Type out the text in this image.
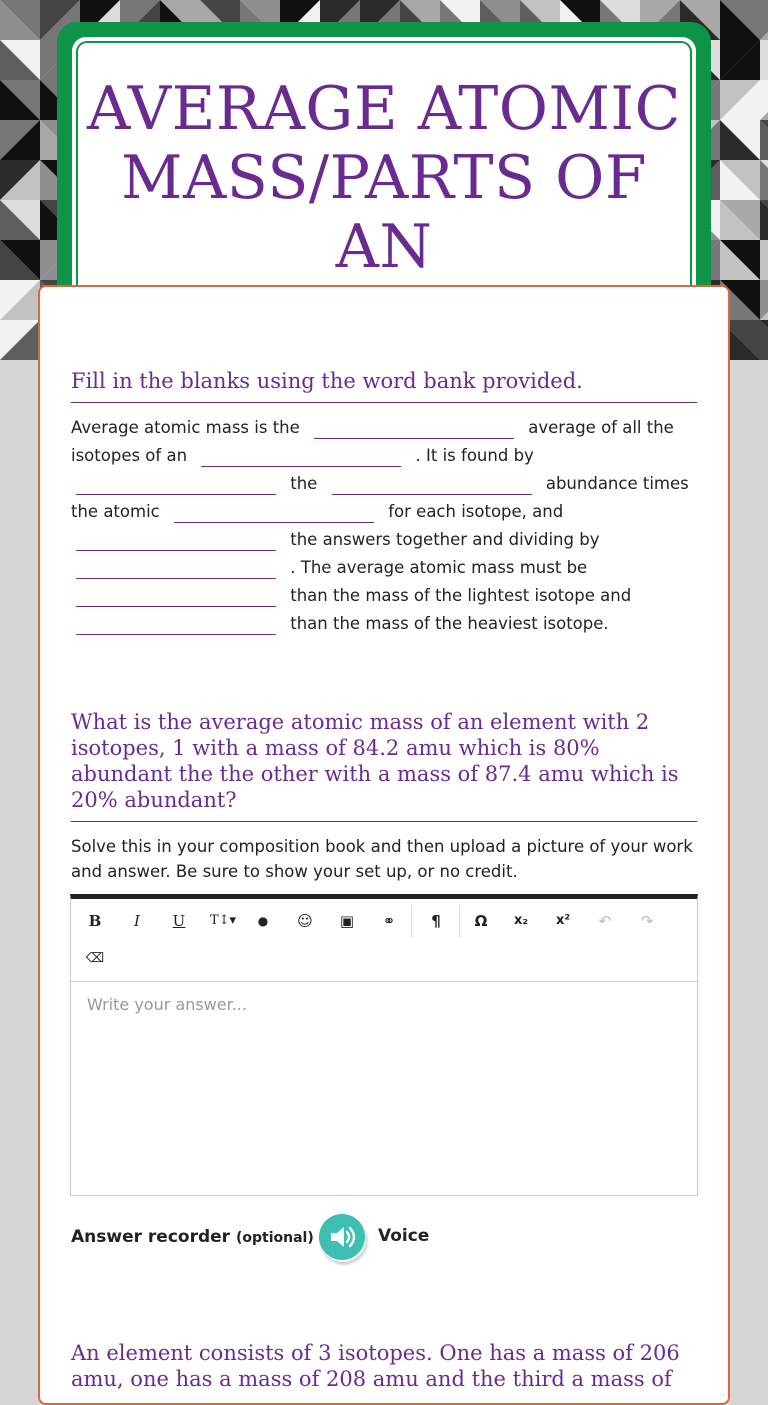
AVERAGE ATOMIC
MASS/PARTS OF AN
Fill in the blanks using the word bank provided.
Average atomic mass is the	average of all the
isotopes of an	. It is found by
the	abundance times
the atomic	for each isotope, and
the answers together and dividing by
. The average atomic mass must be
than the mass of the lightest isotope and
than the mass of the heaviest isotope.
What is the average atomic mass of an element with 2 isotopes, 1 with a mass of 84.2 amu which is 80% abundant the the other with a mass of 87.4 amu which is 20% abundant?
Solve this in your composition book and then upload a picture of your work and answer. Be sure to show your set up, or no credit.
B	I	U	T↕▾	●	☺	▣	⚭	¶	Ω	x₂	x²	↶	↷
⌫
Write your answer...
Answer recorder (optional)	Voice
An element consists of 3 isotopes. One has a mass of 206 amu, one has a mass of 208 amu and the third a mass of
